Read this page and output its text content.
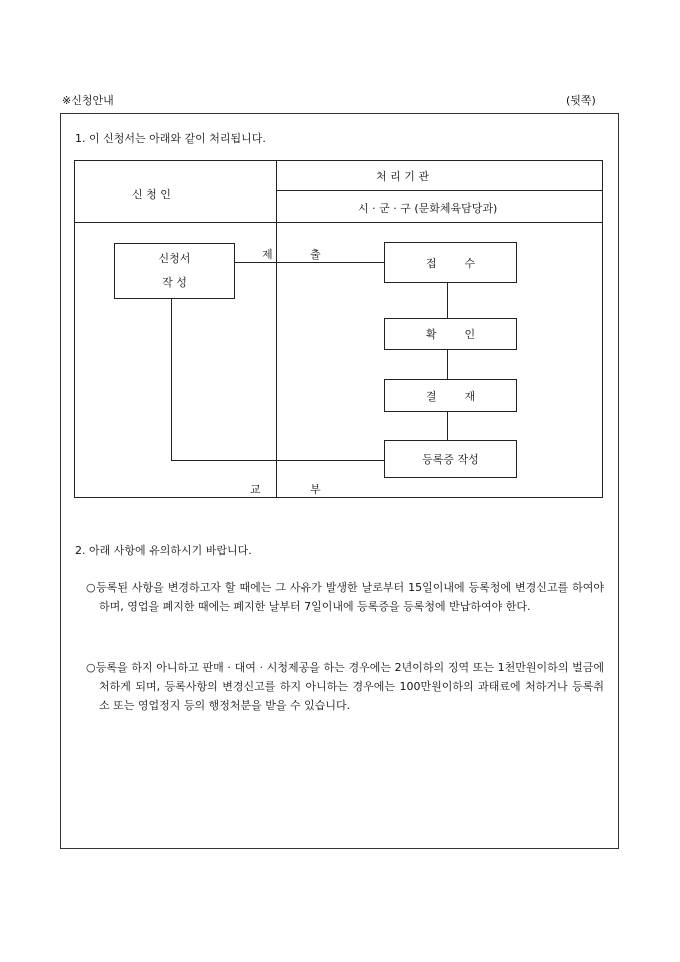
※신청안내	(뒷쪽)
1. 이 신청서는 아래와 같이 처리됩니다.
신 청 인
처 리 기 관
시 · 군 · 구 (문화체육담당과)
신청서
작 성
제	출
접        수
확        인
결        재
등록증 작성
교	부
2. 아래 사항에 유의하시기 바랍니다.
○등록된 사항을 변경하고자 할 때에는 그 사유가 발생한 날로부터 15일이내에 등록청에 변경신고를 하여야 하며, 영업을 폐지한 때에는 폐지한 날부터 7일이내에 등록증을 등록청에 반납하여야 한다.
○등록을 하지 아니하고 판매 · 대여 · 시청제공을 하는 경우에는 2년이하의 징역 또는 1천만원이하의 벌금에 처하게 되며, 등록사항의 변경신고를 하지 아니하는 경우에는 100만원이하의 과태료에 처하거나 등록취소 또는 영업정지 등의 행정처분을 받을 수 있습니다.
